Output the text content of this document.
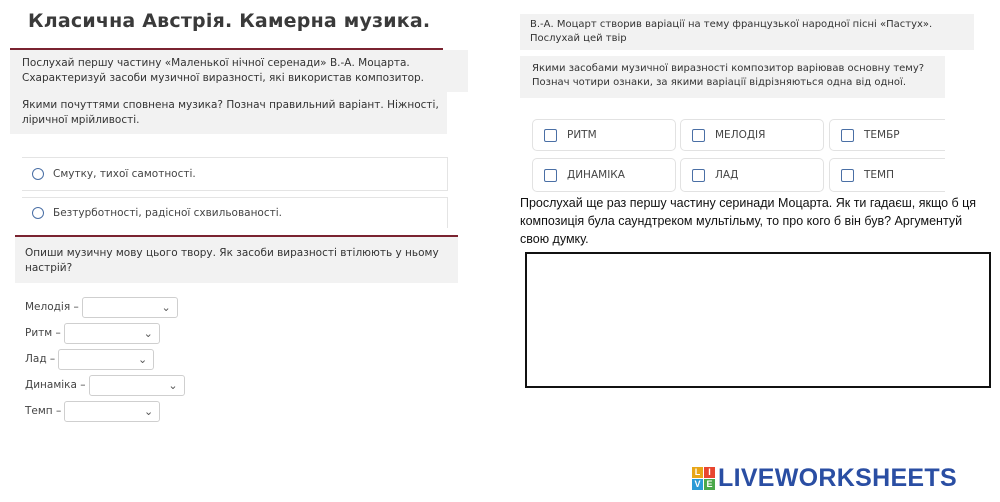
Класична Австрія. Камерна музика.
Послухай першу частину «Маленької нічної серенади» В.-А. Моцарта. Схарактеризуй засоби музичної виразності, які використав композитор.
Якими почуттями сповнена музика? Познач правильний варіант. Ніжності, ліричної мрійливості.
Смутку, тихої самотності.
Безтурботності, радісної схвильованості.
Опиши музичну мову цього твору. Як засоби виразності втілюють у ньому настрій?
Мелодія –	⌄
Ритм –	⌄
Лад –	⌄
Динаміка –	⌄
Темп –	⌄
В.-А. Моцарт створив варіації на тему французької народної пісні «Пастух». Послухай цей твір
Якими засобами музичної виразності композитор варіював основну тему? Познач чотири ознаки, за якими варіації відрізняються одна від одної.
РИТМ	МЕЛОДІЯ	ТЕМБР
ДИНАМІКА	ЛАД	ТЕМП
Прослухай ще раз першу частину серинади Моцарта. Як ти гадаєш, якщо б ця композиція була саундтреком мультільму, то про кого б він був? Аргументуй свою думку.
L I
V E LIVEWORKSHEETS
